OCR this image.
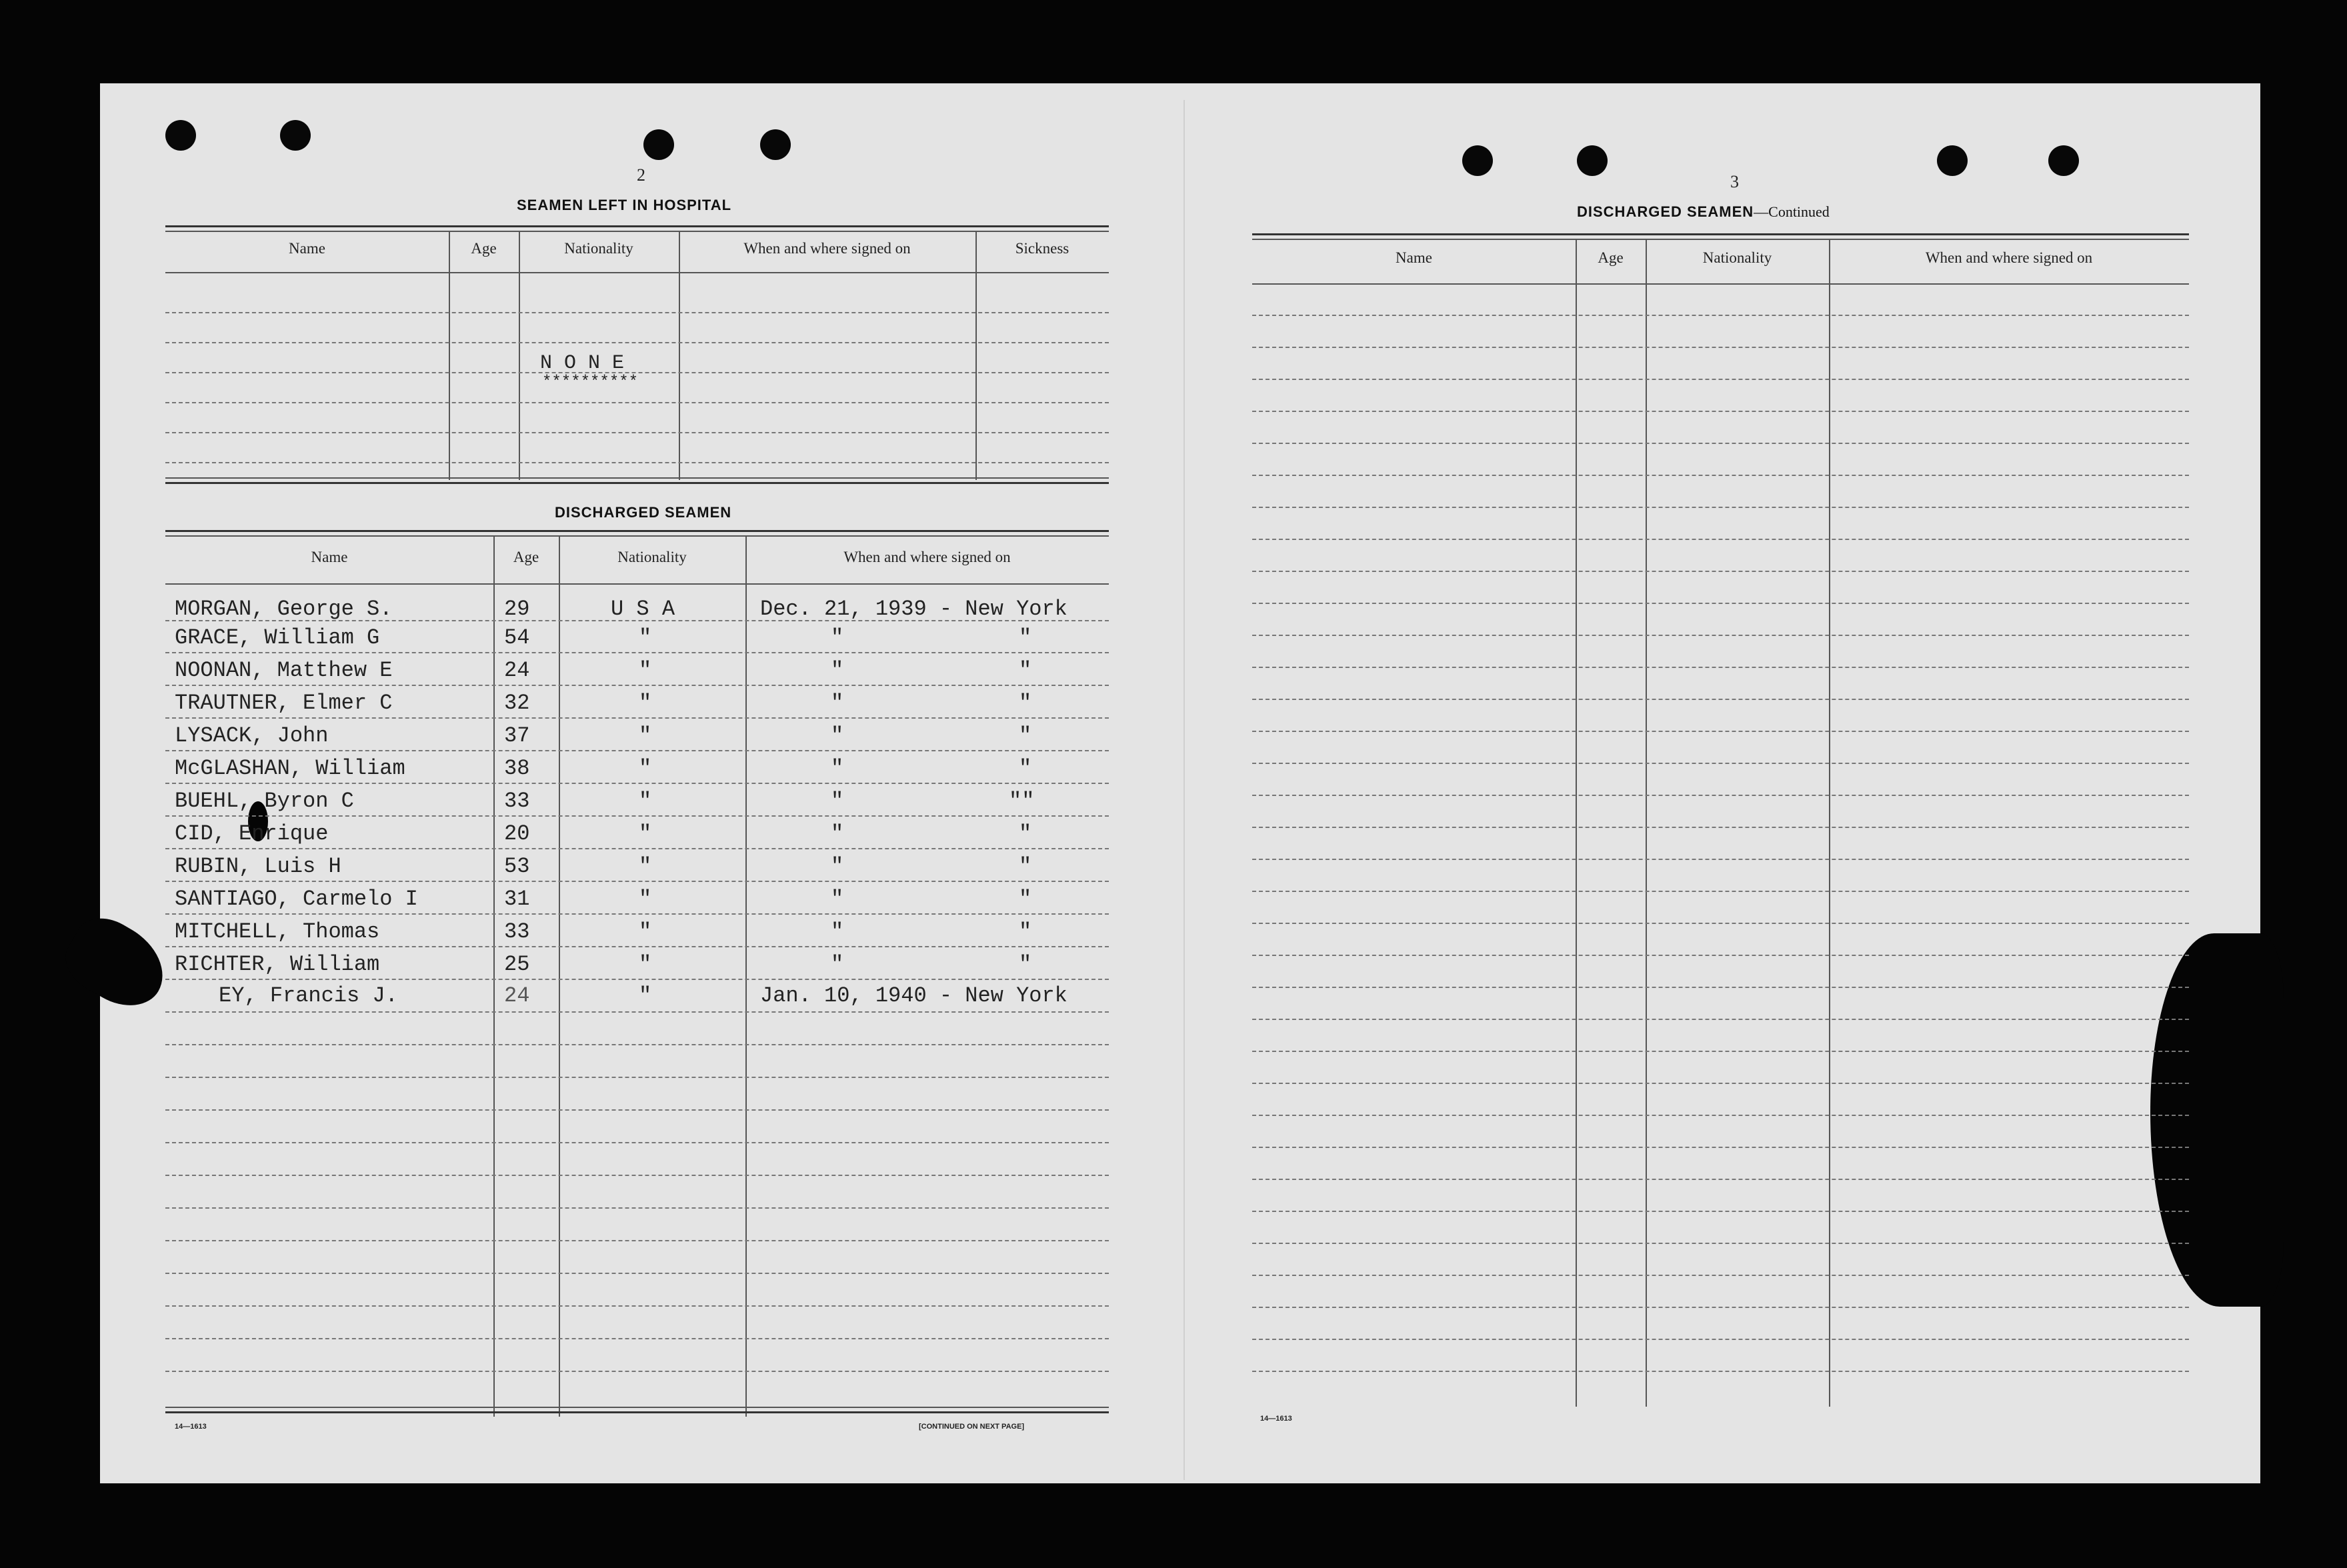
2
SEAMEN LEFT IN HOSPITAL
Name	Age	Nationality	When and where signed on	Sickness
N O N E
**********
DISCHARGED SEAMEN
Name	Age	Nationality	When and where signed on
MORGAN, George S.	29	U S A	Dec. 21, 1939 - New York
GRACE, William G	54	"	"	"
NOONAN, Matthew E	24	"	"	"
TRAUTNER, Elmer C	32	"	"	"
LYSACK, John	37	"	"	"
McGLASHAN, William	38	"	"	"
BUEHL, Byron C	33	"	"	""
CID, Enrique	20	"	"	"
RUBIN, Luis H	53	"	"	"
SANTIAGO, Carmelo I	31	"	"	"
MITCHELL, Thomas	33	"	"	"
RICHTER, William	25	"	"	"
EY, Francis J.	24	"	Jan. 10, 1940 - New York
14—1613	[CONTINUED ON NEXT PAGE]
3
DISCHARGED SEAMEN—Continued
Name	Age	Nationality	When and where signed on
14—1613
